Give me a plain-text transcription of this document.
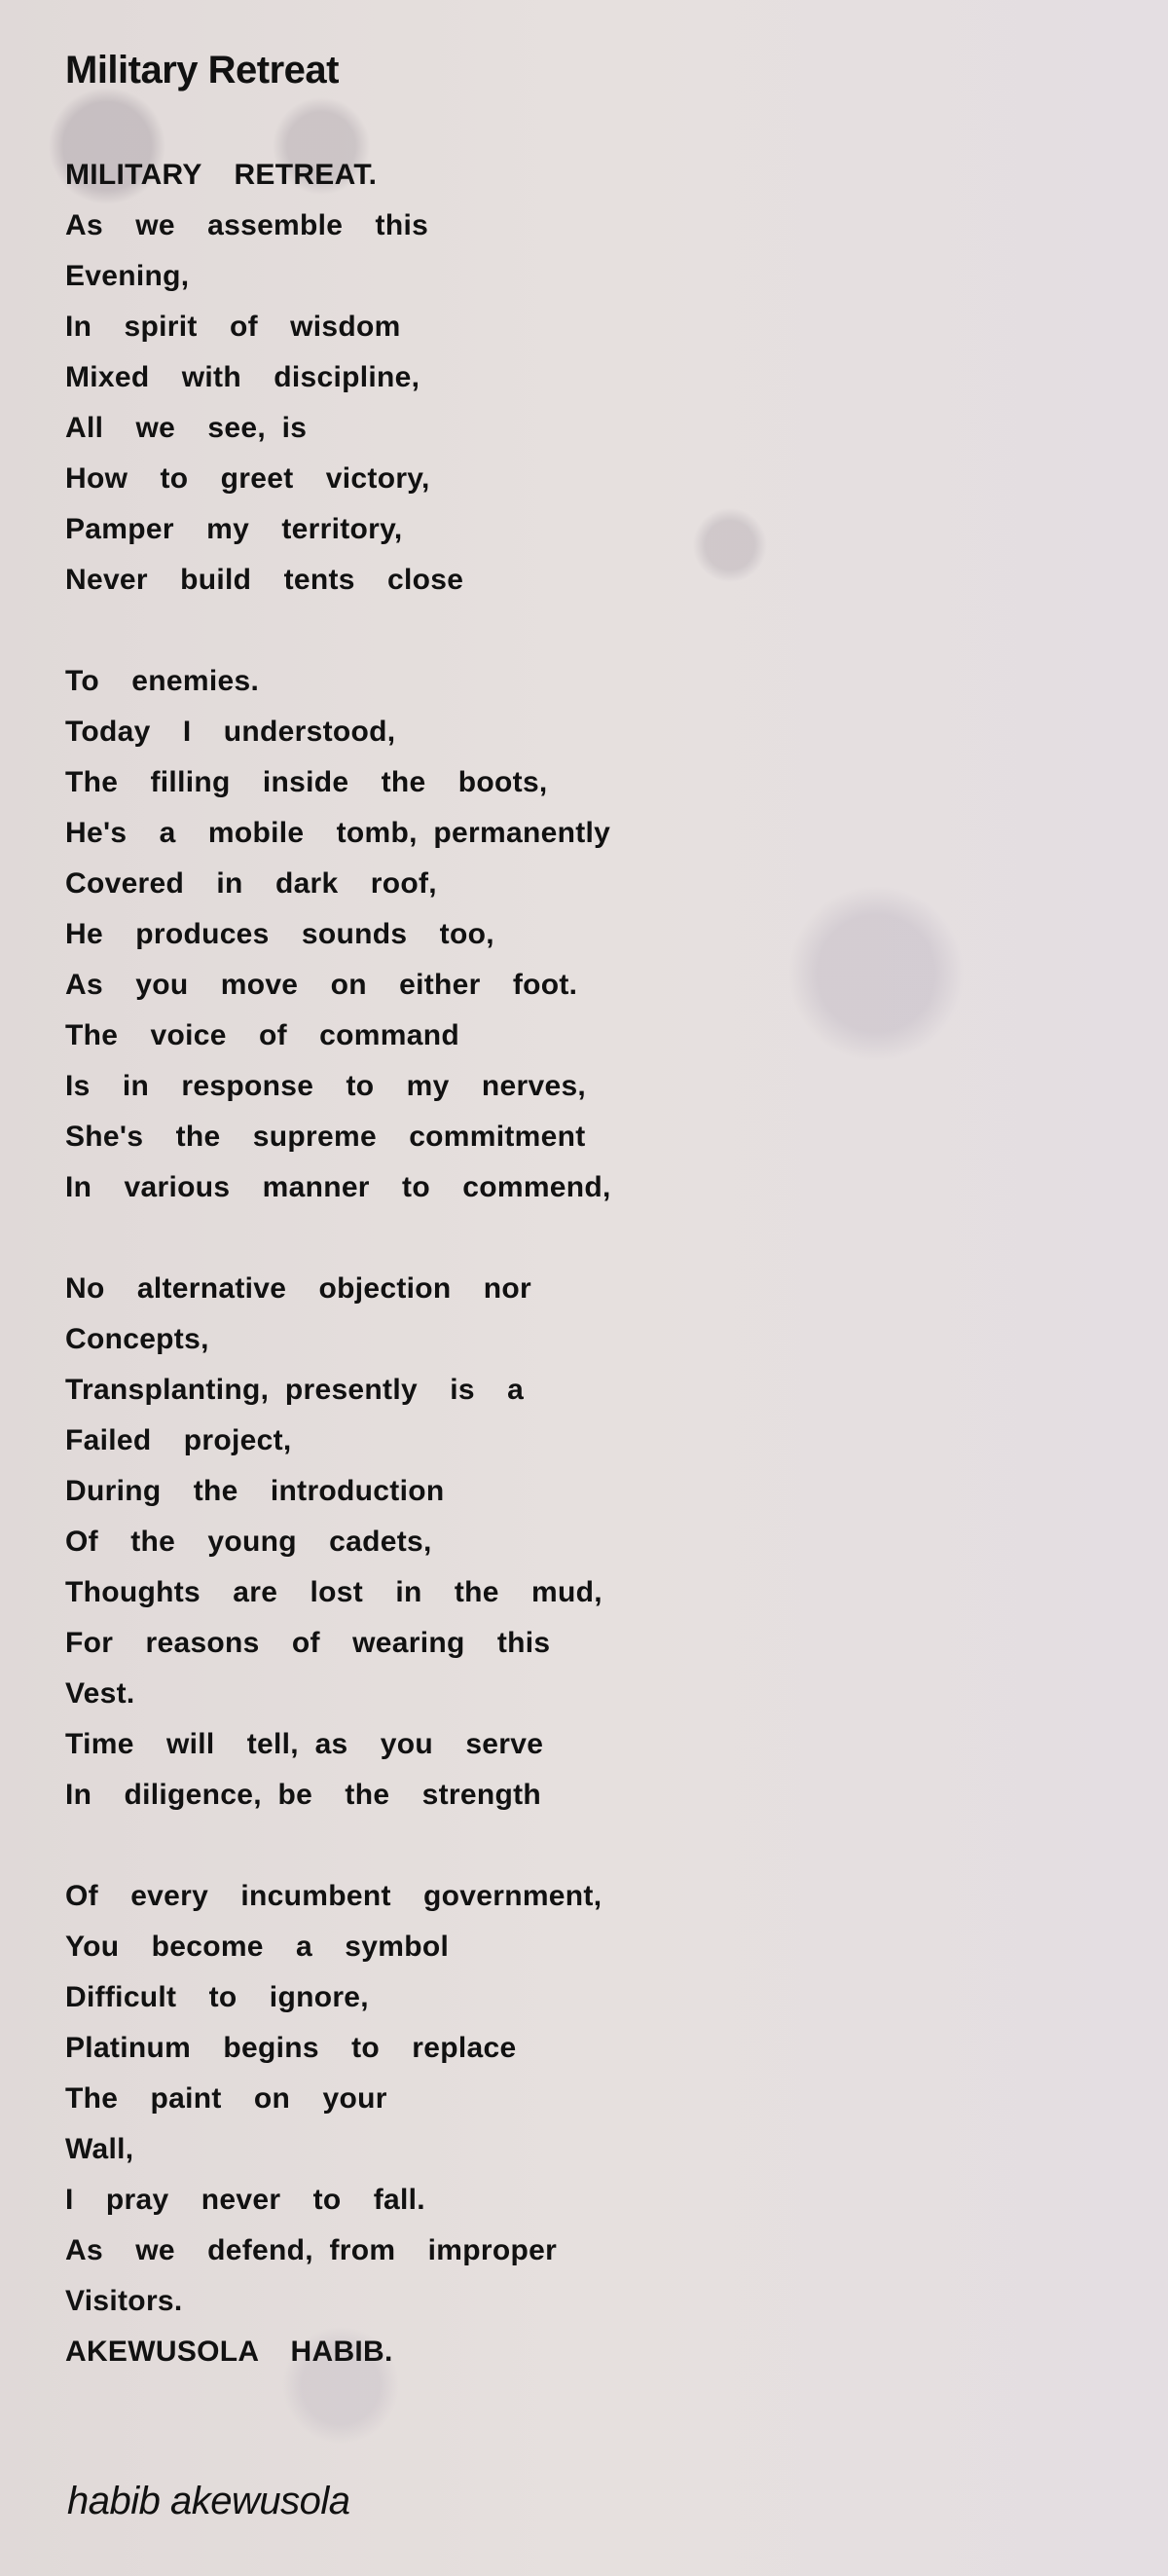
Military Retreat
MILITARY  RETREAT.
As  we  assemble  this
Evening,
In  spirit  of  wisdom
Mixed  with  discipline,
All  we  see, is
How  to  greet  victory,
Pamper  my  territory,
Never  build  tents  close
To  enemies.
Today  I  understood,
The  filling  inside  the  boots,
He's  a  mobile  tomb, permanently
Covered  in  dark  roof,
He  produces  sounds  too,
As  you  move  on  either  foot.
The  voice  of  command
Is  in  response  to  my  nerves,
She's  the  supreme  commitment
In  various  manner  to  commend,
No  alternative  objection  nor
Concepts,
Transplanting, presently  is  a
Failed  project,
During  the  introduction
Of  the  young  cadets,
Thoughts  are  lost  in  the  mud,
For  reasons  of  wearing  this
Vest.
Time  will  tell, as  you  serve
In  diligence, be  the  strength
Of  every  incumbent  government,
You  become  a  symbol
Difficult  to  ignore,
Platinum  begins  to  replace
The  paint  on  your
Wall,
I  pray  never  to  fall.
As  we  defend, from  improper
Visitors.
AKEWUSOLA  HABIB.
habib akewusola
